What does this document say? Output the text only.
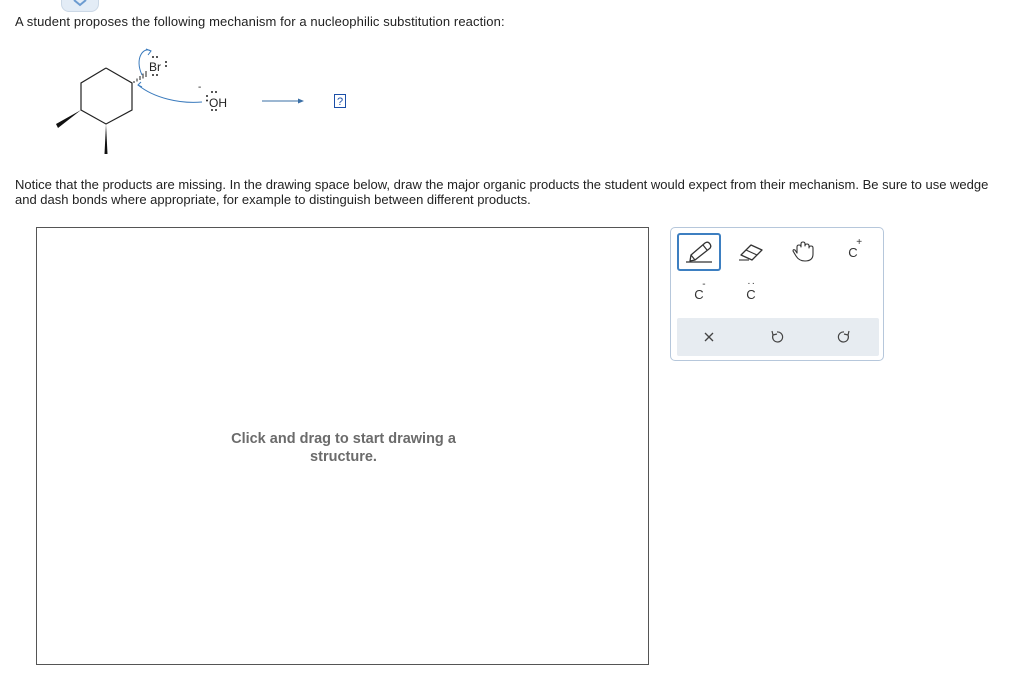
A student proposes the following mechanism for a nucleophilic substitution reaction:
Br
-
OH	?
Notice that the products are missing. In the drawing space below, draw the major organic products the student would expect from their mechanism. Be sure to use wedge and dash bonds where appropriate, for example to distinguish between different products.
Click and drag to start drawing a
structure.
C
+
C
-
C
··
